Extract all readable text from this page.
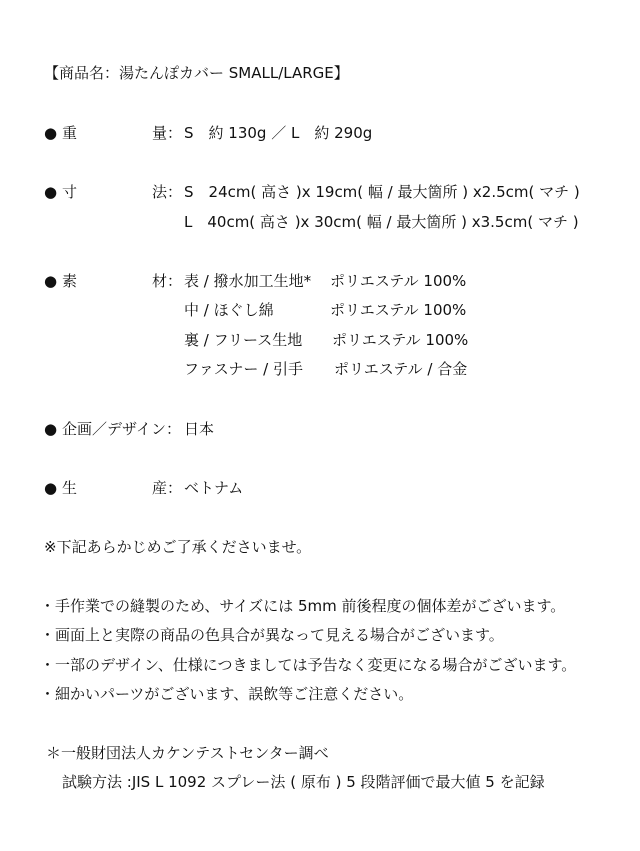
【商品名：湯たんぽカバー SMALL/LARGE】
● 重	量： S　約 130g ／ L　約 290g
● 寸	法： S　24cm( 高さ )x 19cm( 幅 / 最大箇所 ) x2.5cm( マチ )
L　40cm( 高さ )x 30cm( 幅 / 最大箇所 ) x3.5cm( マチ )
● 素	材： 表 / 撥水加工生地* ポリエステル 100%
中 / ほぐし綿	ポリエステル 100%
裏 / フリース生地 ポリエステル 100%
ファスナー / 引手 ポリエステル / 合金
● 企画／デザイン： 日本
● 生	産： ベトナム
※下記あらかじめご了承くださいませ。
・手作業での縫製のため、サイズには 5mm 前後程度の個体差がございます。
・画面上と実際の商品の色具合が異なって見える場合がございます。
・一部のデザイン、仕様につきましては予告なく変更になる場合がございます。
・細かいパーツがございます、誤飲等ご注意ください。
＊一般財団法人カケンテストセンター調べ
試験方法 :JIS L 1092 スプレー法 ( 原布 ) 5 段階評価で最大値 5 を記録
